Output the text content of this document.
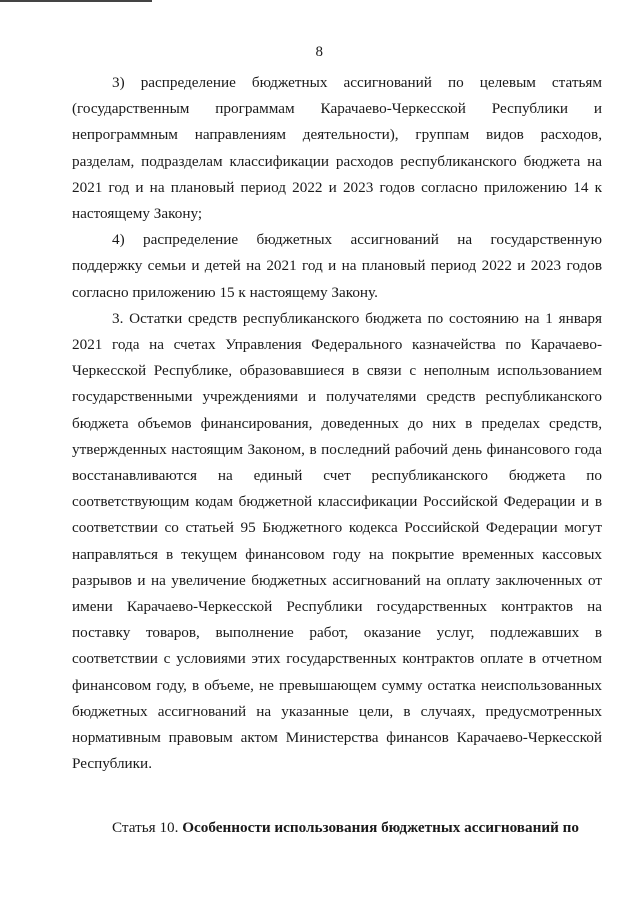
8

3) распределение бюджетных ассигнований по целевым статьям (государственным программам Карачаево-Черкесской Республики и непрограммным направлениям деятельности), группам видов расходов, разделам, подразделам классификации расходов республиканского бюджета на 2021 год и на плановый период 2022 и 2023 годов согласно приложению 14 к настоящему Закону;

4) распределение бюджетных ассигнований на государственную поддержку семьи и детей на 2021 год и на плановый период 2022 и 2023 годов согласно приложению 15 к настоящему Закону.

3. Остатки средств республиканского бюджета по состоянию на 1 января 2021 года на счетах Управления Федерального казначейства по Карачаево-Черкесской Республике, образовавшиеся в связи с неполным использованием государственными учреждениями и получателями средств республиканского бюджета объемов финансирования, доведенных до них в пределах средств, утвержденных настоящим Законом, в последний рабочий день финансового года восстанавливаются на единый счет республиканского бюджета по соответствующим кодам бюджетной классификации Российской Федерации и в соответствии со статьей 95 Бюджетного кодекса Российской Федерации могут направляться в текущем финансовом году на покрытие временных кассовых разрывов и на увеличение бюджетных ассигнований на оплату заключенных от имени Карачаево-Черкесской Республики государственных контрактов на поставку товаров, выполнение работ, оказание услуг, подлежавших в соответствии с условиями этих государственных контрактов оплате в отчетном финансовом году, в объеме, не превышающем сумму остатка неиспользованных бюджетных ассигнований на указанные цели, в случаях, предусмотренных нормативным правовым актом Министерства финансов Карачаево-Черкесской Республики.

Статья 10. Особенности использования бюджетных ассигнований по
